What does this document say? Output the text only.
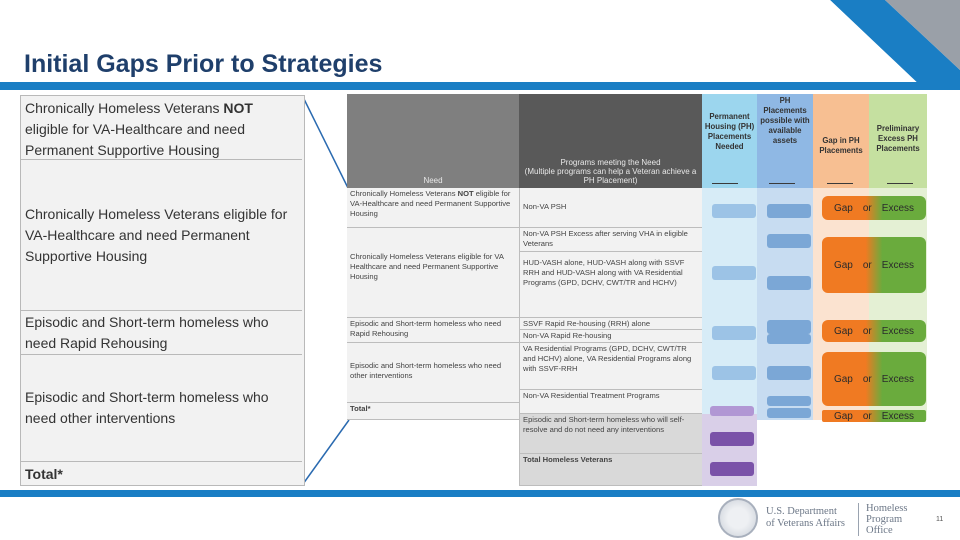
Initial Gaps Prior to Strategies
Chronically Homeless Veterans NOT eligible for VA-Healthcare and need Permanent Supportive Housing
Chronically Homeless Veterans eligible for VA-Healthcare and need Permanent Supportive Housing
Episodic and Short-term homeless who need Rapid Rehousing
Episodic and Short-term homeless who need other interventions
Total*
Need
Programs meeting the Need
(Multiple programs can help a Veteran achieve a PH Placement)
Chronically Homeless Veterans NOT eligible for VA-Healthcare and need Permanent Supportive Housing
Chronically Homeless Veterans eligible for VA Healthcare and need Permanent Supportive Housing
Episodic and Short-term homeless who need Rapid Rehousing
Episodic and Short-term homeless who need other interventions
Total*
Non-VA PSH
Non-VA PSH Excess after serving VHA in eligible Veterans
HUD-VASH alone, HUD-VASH along with SSVF RRH and HUD-VASH along with VA Residential Programs (GPD, DCHV, CWT/TR and HCHV)
SSVF Rapid Re-housing (RRH) alone
Non-VA Rapid Re-housing
VA Residential Programs (GPD, DCHV, CWT/TR and HCHV) alone, VA Residential Programs along with SSVF-RRH
Non-VA Residential Treatment Programs
Episodic and Short-term homeless who will self-resolve and do not need any interventions
Total Homeless Veterans
Permanent Housing (PH) Placements Needed
PH Placements possible with available assets	Gap in PH Placements
Preliminary Excess PH Placements
Gap or Excess
Gap or Excess
Gap or Excess
Gap or Excess
Gap or Excess
U.S. Department
of Veterans Affairs
Homeless
Program
Office
11
